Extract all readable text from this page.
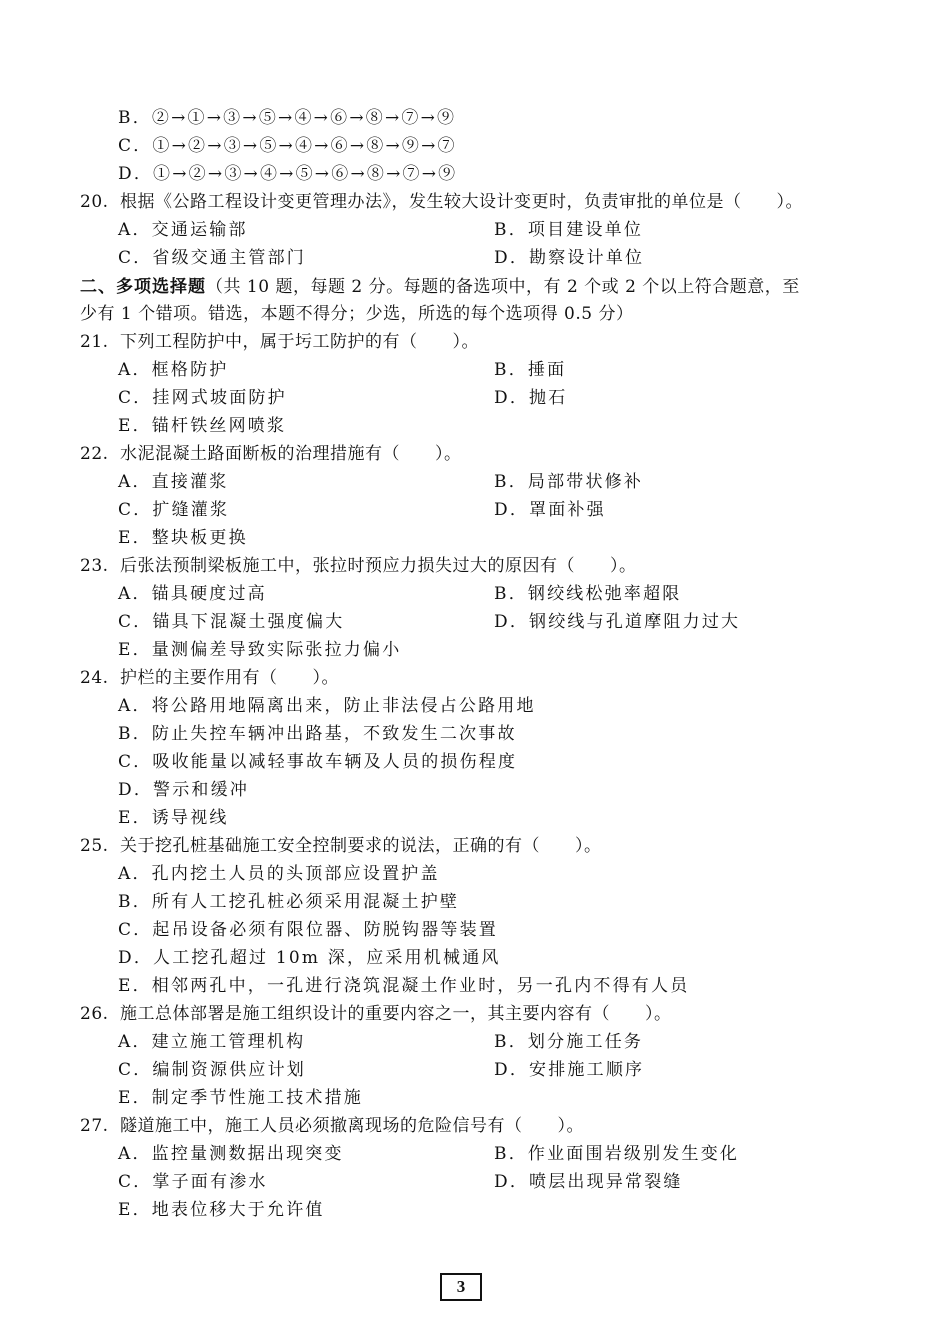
B．②→①→③→⑤→④→⑥→⑧→⑦→⑨
C．①→②→③→⑤→④→⑥→⑧→⑨→⑦
D．①→②→③→④→⑤→⑥→⑧→⑦→⑨
20. 根据《公路工程设计变更管理办法》，发生较大设计变更时，负责审批的单位是（　　）。
A．交通运输部	B．项目建设单位
C．省级交通主管部门	D．勘察设计单位
二、多项选择题（共 10 题，每题 2 分。每题的备选项中，有 2 个或 2 个以上符合题意，至
少有 1 个错项。错选，本题不得分；少选，所选的每个选项得 0.5 分）
21. 下列工程防护中，属于圬工防护的有（　　）。
A．框格防护	B．捶面
C．挂网式坡面防护	D．抛石
E．锚杆铁丝网喷浆
22. 水泥混凝土路面断板的治理措施有（　　）。
A．直接灌浆	B．局部带状修补
C．扩缝灌浆	D．罩面补强
E．整块板更换
23. 后张法预制梁板施工中，张拉时预应力损失过大的原因有（　　）。
A．锚具硬度过高	B．钢绞线松弛率超限
C．锚具下混凝土强度偏大	D．钢绞线与孔道摩阻力过大
E．量测偏差导致实际张拉力偏小
24. 护栏的主要作用有（　　）。
A．将公路用地隔离出来，防止非法侵占公路用地
B．防止失控车辆冲出路基，不致发生二次事故
C．吸收能量以减轻事故车辆及人员的损伤程度
D．警示和缓冲
E．诱导视线
25. 关于挖孔桩基础施工安全控制要求的说法，正确的有（　　）。
A．孔内挖土人员的头顶部应设置护盖
B．所有人工挖孔桩必须采用混凝土护壁
C．起吊设备必须有限位器、防脱钩器等装置
D．人工挖孔超过 10m 深，应采用机械通风
E．相邻两孔中，一孔进行浇筑混凝土作业时，另一孔内不得有人员
26. 施工总体部署是施工组织设计的重要内容之一，其主要内容有（　　）。
A．建立施工管理机构	B．划分施工任务
C．编制资源供应计划	D．安排施工顺序
E．制定季节性施工技术措施
27. 隧道施工中，施工人员必须撤离现场的危险信号有（　　）。
A．监控量测数据出现突变	B．作业面围岩级别发生变化
C．掌子面有渗水	D．喷层出现异常裂缝
E．地表位移大于允许值
3
